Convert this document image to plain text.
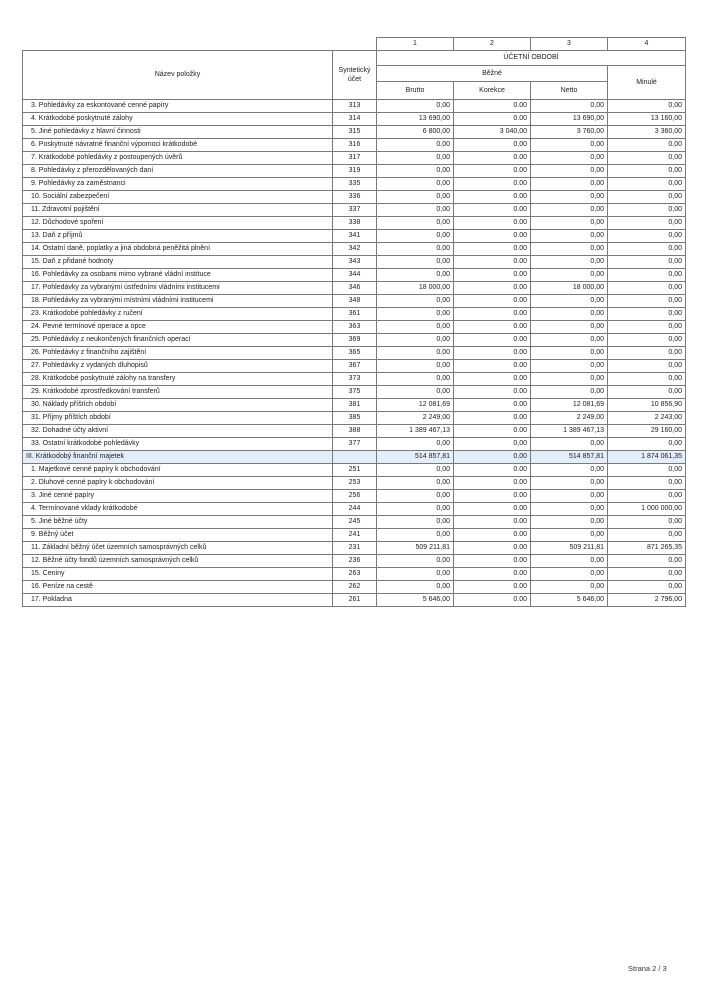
		1	2	3	4
Název položky	Syntetický účet	ÚČETNÍ OBDOBÍ			
		Běžné			Minulé
		Brutto	Korekce	Netto	
3. Pohledávky za eskontované cenné papíry	313	0,00	0.00	0,00	0,00
4. Krátkodobé poskytnuté zálohy	314	13 690,00	0.00	13 690,00	13 160,00
5. Jiné pohledávky z hlavní činnosti	315	6 800,00	3 040,00	3 760,00	3 360,00
6. Poskytnuté návratné finanční výpomoci krátkodobé	316	0,00	0,00	0,00	0,00
7. Krátkodobé pohledávky z postoupených úvěrů	317	0,00	0.00	0,00	0,00
8. Pohledávky z přerozdělovaných daní	319	0,00	0.00	0,00	0,00
9. Pohledávky za zaměstnanci	335	0,00	0.00	0,00	0,00
10. Sociální zabezpečení	336	0,00	0.00	0,00	0,00
11. Zdravotní pojištění	337	0,00	0.00	0,00	0,00
12. Důchodové spoření	338	0,00	0.00	0,00	0,00
13. Daň z příjmů	341	0,00	0.00	0,00	0,00
14. Ostatní daně, poplatky a jiná obdobná peněžitá plnění	342	0,00	0.00	0,00	0,00
15. Daň z přidané hodnoty	343	0,00	0.00	0,00	0,00
16. Pohledávky za osobami mimo vybrané vládní instituce	344	0,00	0.00	0,00	0,00
17. Pohledávky za vybranými ústředními vládními institucemi	346	18 000,00	0.00	18 000,00	0,00
18. Pohledávky za vybranými místními vládními institucemi	348	0,00	0.00	0,00	0,00
23. Krátkodobé pohledávky z ručení	361	0,00	0.00	0,00	0,00
24. Pevné termínové operace a opce	363	0,00	0.00	0,00	0,00
25. Pohledávky z neukončených finančních operací	369	0,00	0.00	0,00	0,00
26. Pohledávky z finančního zajištění	365	0,00	0.00	0,00	0,00
27. Pohledávky z vydaných dluhopisů	367	0,00	0.00	0,00	0,00
28. Krátkodobé poskytnuté zálohy na transfery	373	0,00	0.00	0,00	0,00
29. Krátkodobé zprostředkování transferů	375	0,00	0.00	0,00	0,00
30. Náklady příštích období	381	12 081,69	0.00	12 081,69	10 856,90
31. Příjmy příštích období	385	2 249,00	0.00	2 249,00	2 243,00
32. Dohadné účty aktivní	388	1 389 467,13	0.00	1 389 467,13	29 160,00
33. Ostatní krátkodobé pohledávky	377	0,00	0,00	0,00	0,00
III. Krátkodobý finanční majetek		514 857,81	0,00	514 857,81	1 874 061,35
1. Majetkové cenné papíry k obchodování	251	0,00	0.00	0,00	0,00
2. Dluhové cenné papíry k obchodování	253	0,00	0.00	0,00	0,00
3. Jiné cenné papíry	256	0,00	0.00	0,00	0,00
4. Termínované vklady krátkodobé	244	0,00	0.00	0,00	1 000 000,00
5. Jiné běžné účty	245	0,00	0.00	0,00	0,00
9. Běžný účet	241	0,00	0.00	0,00	0,00
11. Základní běžný účet územních samosprávných celků	231	509 211,81	0.00	509 211,81	871 265,35
12. Běžné účty fondů územních samosprávných celků	236	0,00	0.00	0,00	0,00
15. Ceniny	263	0,00	0.00	0,00	0,00
16. Peníze na cestě	262	0,00	0.00	0,00	0,00
17. Pokladna	261	5 646,00	0.00	5 646,00	2 796,00
Strana 2 / 3
